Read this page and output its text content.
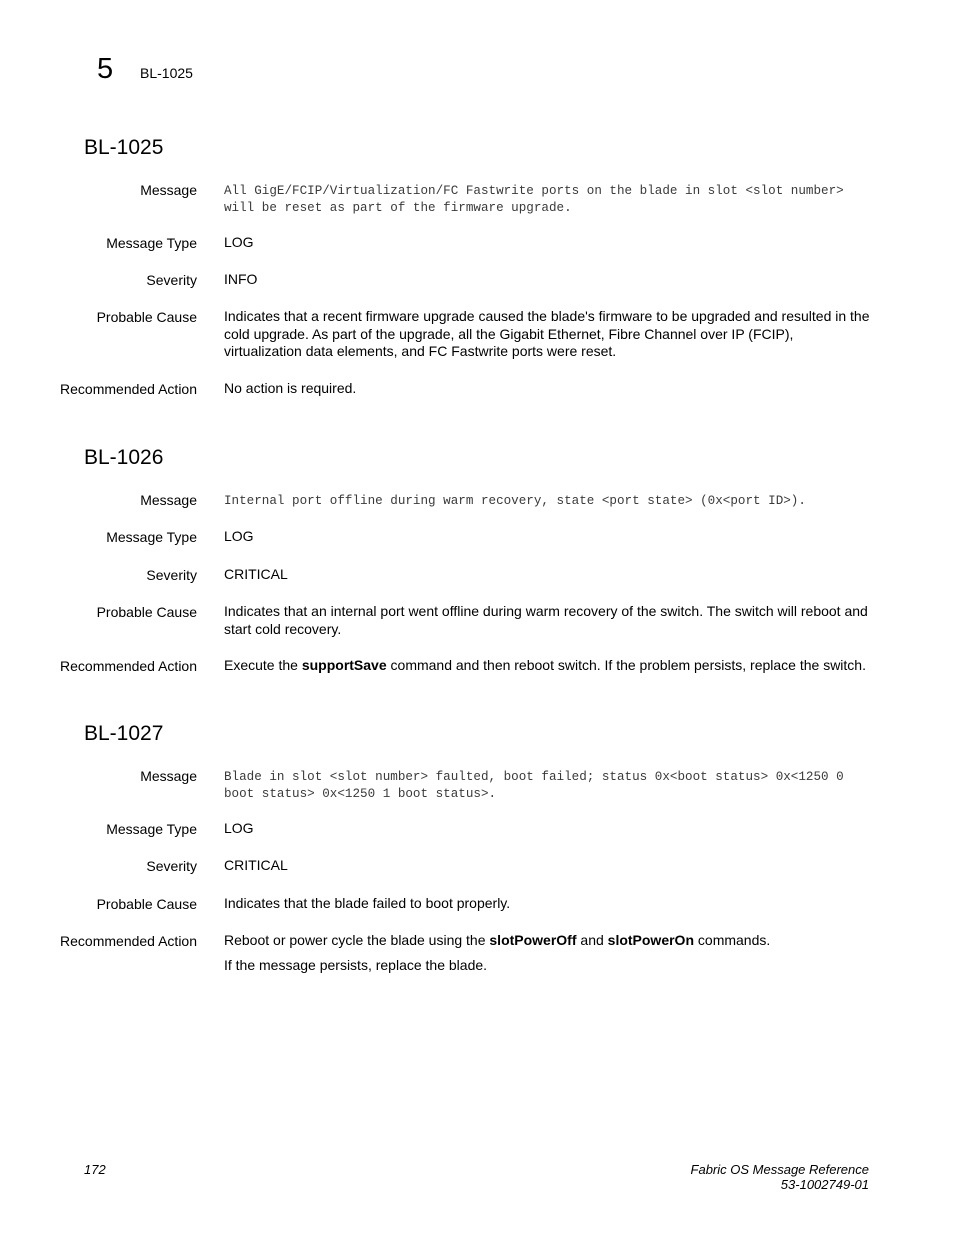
5 BL-1025
BL-1025
Message All GigE/FCIP/Virtualization/FC Fastwrite ports on the blade in slot <slot number> will be reset as part of the firmware upgrade.
Message Type LOG
Severity INFO
Probable Cause Indicates that a recent firmware upgrade caused the blade's firmware to be upgraded and resulted in the cold upgrade. As part of the upgrade, all the Gigabit Ethernet, Fibre Channel over IP (FCIP), virtualization data elements, and FC Fastwrite ports were reset.
Recommended Action No action is required.
BL-1026
Message Internal port offline during warm recovery, state <port state> (0x<port ID>).
Message Type LOG
Severity CRITICAL
Probable Cause Indicates that an internal port went offline during warm recovery of the switch. The switch will reboot and start cold recovery.
Recommended Action Execute the supportSave command and then reboot switch. If the problem persists, replace the switch.
BL-1027
Message Blade in slot <slot number> faulted, boot failed; status 0x<boot status> 0x<1250 0 boot status> 0x<1250 1 boot status>.
Message Type LOG
Severity CRITICAL
Probable Cause Indicates that the blade failed to boot properly.
Recommended Action Reboot or power cycle the blade using the slotPowerOff and slotPowerOn commands.

If the message persists, replace the blade.

172	Fabric OS Message Reference
53-1002749-01
